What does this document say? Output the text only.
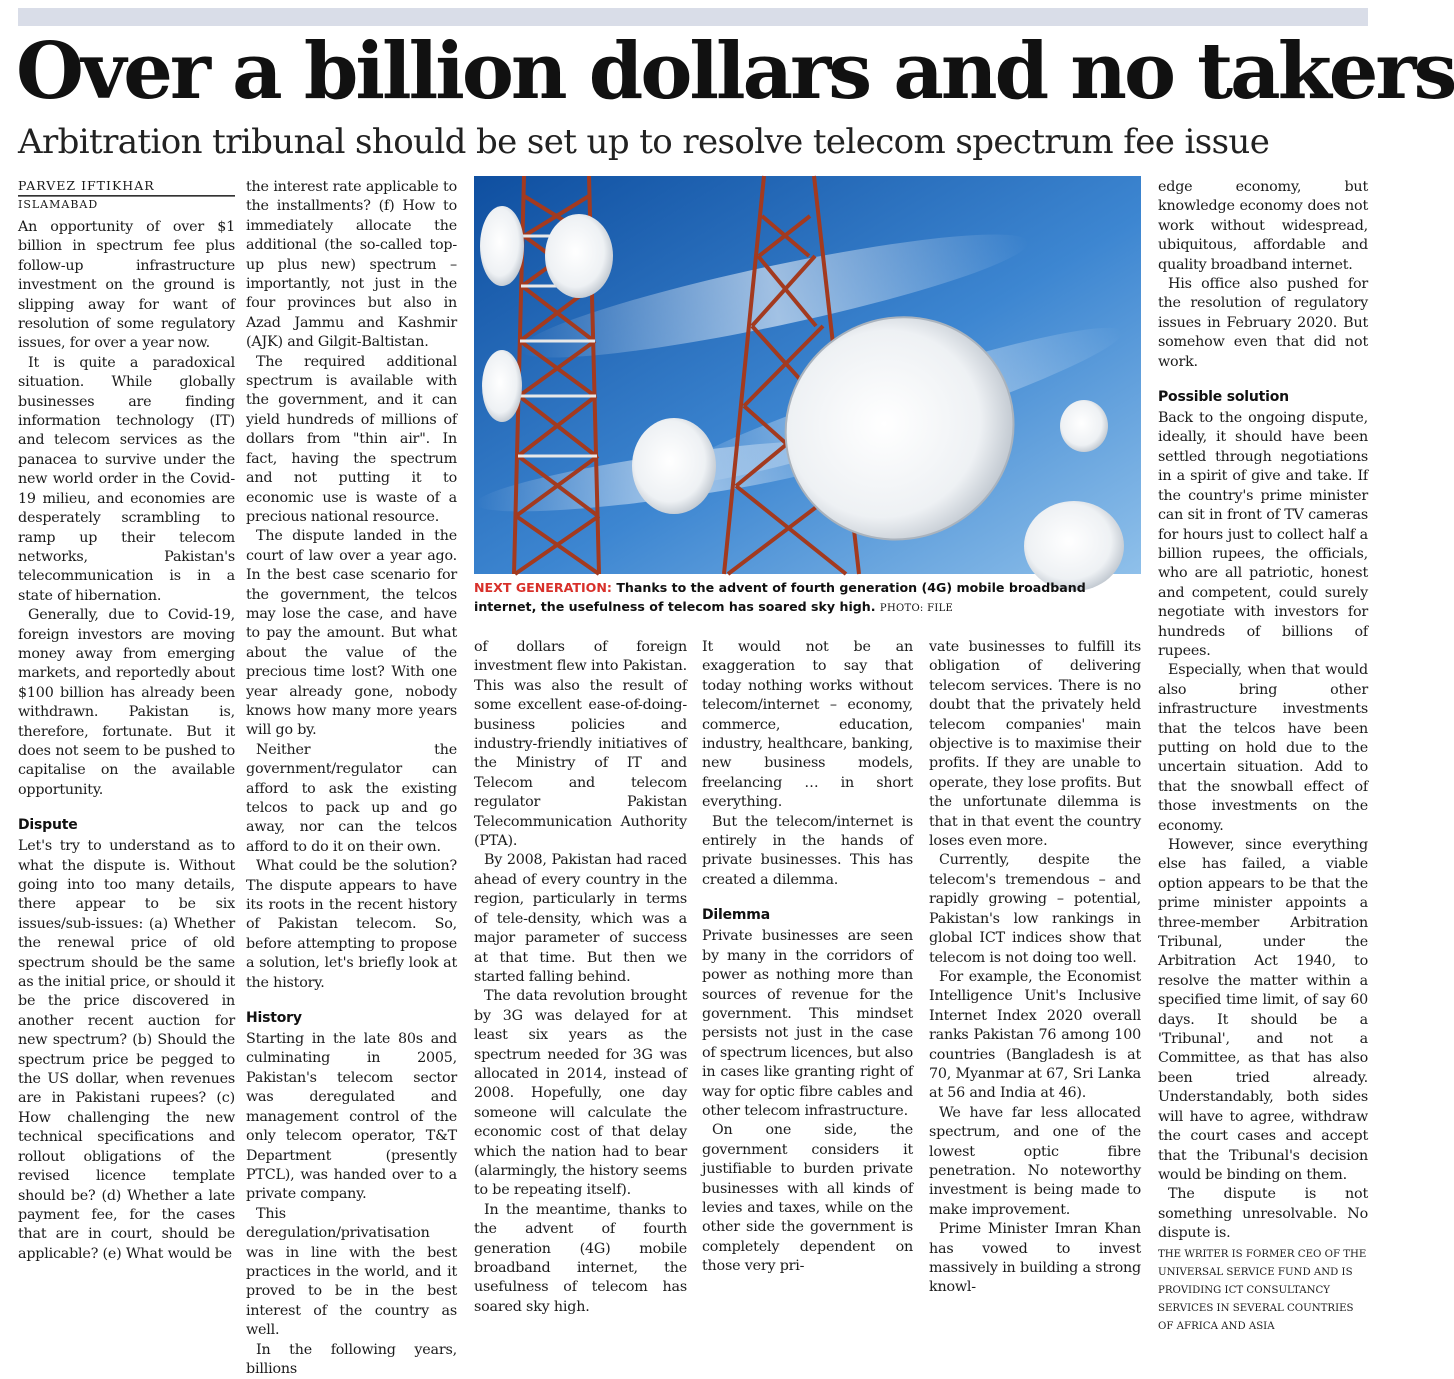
Over a billion dollars and no takers
Arbitration tribunal should be set up to resolve telecom spectrum fee issue
PARVEZ IFTIKHAR
ISLAMABAD

An opportunity of over $1 billion in spectrum fee plus follow-up infrastructure investment on the ground is slipping away for want of resolution of some regulatory issues, for over a year now.

It is quite a paradoxical situation. While globally businesses are finding information technology (IT) and telecom services as the panacea to survive under the new world order in the Covid-19 milieu, and economies are desperately scrambling to ramp up their telecom networks, Pakistan's telecommunication is in a state of hibernation.

Generally, due to Covid-19, foreign investors are moving money away from emerging markets, and reportedly about $100 billion has already been withdrawn. Pakistan is, therefore, fortunate. But it does not seem to be pushed to capitalise on the available opportunity.

Dispute

Let's try to understand as to what the dispute is. Without going into too many details, there appear to be six issues/sub-issues: (a) Whether the renewal price of old spectrum should be the same as the initial price, or should it be the price discovered in another recent auction for new spectrum? (b) Should the spectrum price be pegged to the US dollar, when revenues are in Pakistani rupees? (c) How challenging the new technical specifications and rollout obligations of the revised licence template should be? (d) Whether a late payment fee, for the cases that are in court, should be applicable? (e) What would be

the interest rate applicable to the installments? (f) How to immediately allocate the additional (the so-called top-up plus new) spectrum – importantly, not just in the four provinces but also in Azad Jammu and Kashmir (AJK) and Gilgit-Baltistan.

The required additional spectrum is available with the government, and it can yield hundreds of millions of dollars from "thin air". In fact, having the spectrum and not putting it to economic use is waste of a precious national resource.

The dispute landed in the court of law over a year ago. In the best case scenario for the government, the telcos may lose the case, and have to pay the amount. But what about the value of the precious time lost? With one year already gone, nobody knows how many more years will go by.

Neither the government/regulator can afford to ask the existing telcos to pack up and go away, nor can the telcos afford to do it on their own.

What could be the solution? The dispute appears to have its roots in the recent history of Pakistan telecom. So, before attempting to propose a solution, let's briefly look at the history.

History

Starting in the late 80s and culminating in 2005, Pakistan's telecom sector was deregulated and management control of the only telecom operator, T&T Department (presently PTCL), was handed over to a private company.

This deregulation/privatisation was in line with the best practices in the world, and it proved to be in the best interest of the country as well.

In the following years, billions

NEXT GENERATION: Thanks to the advent of fourth generation (4G) mobile broadband internet, the usefulness of telecom has soared sky high. PHOTO: FILE

of dollars of foreign investment flew into Pakistan. This was also the result of some excellent ease-of-doing-business policies and industry-friendly initiatives of the Ministry of IT and Telecom and telecom regulator Pakistan Telecommunication Authority (PTA).

By 2008, Pakistan had raced ahead of every country in the region, particularly in terms of tele-density, which was a major parameter of success at that time. But then we started falling behind.

The data revolution brought by 3G was delayed for at least six years as the spectrum needed for 3G was allocated in 2014, instead of 2008. Hopefully, one day someone will calculate the economic cost of that delay which the nation had to bear (alarmingly, the history seems to be repeating itself).

In the meantime, thanks to the advent of fourth generation (4G) mobile broadband internet, the usefulness of telecom has soared sky high.

It would not be an exaggeration to say that today nothing works without telecom/internet – economy, commerce, education, industry, healthcare, banking, new business models, freelancing … in short everything.

But the telecom/internet is entirely in the hands of private businesses. This has created a dilemma.

Dilemma

Private businesses are seen by many in the corridors of power as nothing more than sources of revenue for the government. This mindset persists not just in the case of spectrum licences, but also in cases like granting right of way for optic fibre cables and other telecom infrastructure.

On one side, the government considers it justifiable to burden private businesses with all kinds of levies and taxes, while on the other side the government is completely dependent on those very pri-

vate businesses to fulfill its obligation of delivering telecom services. There is no doubt that the privately held telecom companies' main objective is to maximise their profits. If they are unable to operate, they lose profits. But the unfortunate dilemma is that in that event the country loses even more.

Currently, despite the telecom's tremendous – and rapidly growing – potential, Pakistan's low rankings in global ICT indices show that telecom is not doing too well.

For example, the Economist Intelligence Unit's Inclusive Internet Index 2020 overall ranks Pakistan 76 among 100 countries (Bangladesh is at 70, Myanmar at 67, Sri Lanka at 56 and India at 46).

We have far less allocated spectrum, and one of the lowest optic fibre penetration. No noteworthy investment is being made to make improvement.

Prime Minister Imran Khan has vowed to invest massively in building a strong knowl-

edge economy, but knowledge economy does not work without widespread, ubiquitous, affordable and quality broadband internet.

His office also pushed for the resolution of regulatory issues in February 2020. But somehow even that did not work.

Possible solution

Back to the ongoing dispute, ideally, it should have been settled through negotiations in a spirit of give and take. If the country's prime minister can sit in front of TV cameras for hours just to collect half a billion rupees, the officials, who are all patriotic, honest and competent, could surely negotiate with investors for hundreds of billions of rupees.

Especially, when that would also bring other infrastructure investments that the telcos have been putting on hold due to the uncertain situation. Add to that the snowball effect of those investments on the economy.

However, since everything else has failed, a viable option appears to be that the prime minister appoints a three-member Arbitration Tribunal, under the Arbitration Act 1940, to resolve the matter within a specified time limit, of say 60 days. It should be a 'Tribunal', and not a Committee, as that has also been tried already. Understandably, both sides will have to agree, withdraw the court cases and accept that the Tribunal's decision would be binding on them.

The dispute is not something unresolvable. No dispute is.

THE WRITER IS FORMER CEO OF THE UNIVERSAL SERVICE FUND AND IS PROVIDING ICT CONSULTANCY SERVICES IN SEVERAL COUNTRIES OF AFRICA AND ASIA
